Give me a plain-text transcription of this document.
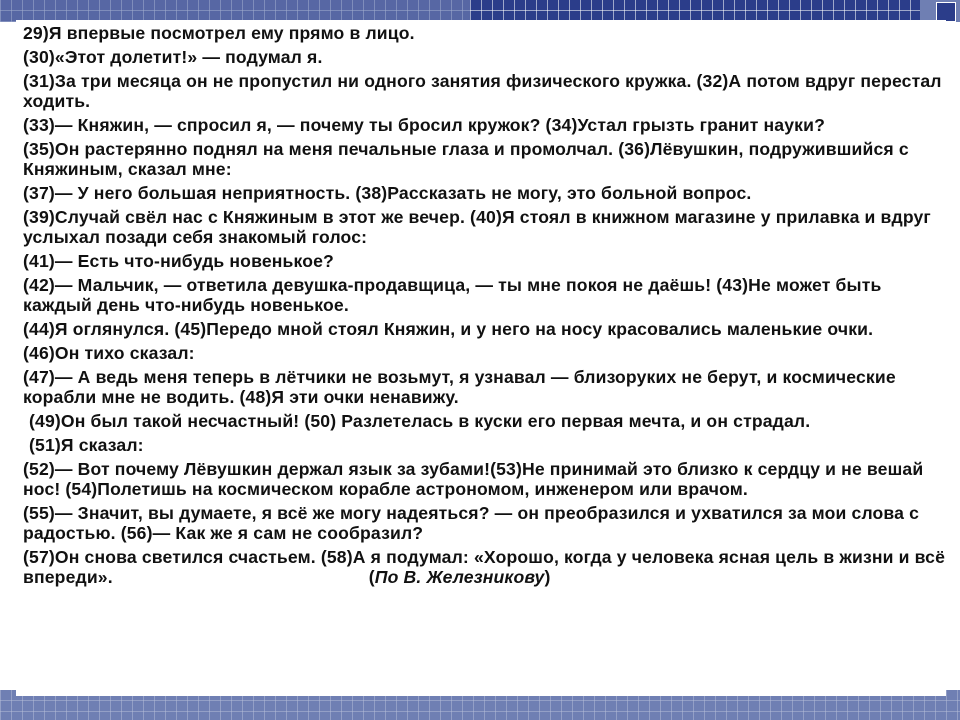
29)Я впервые посмотрел ему прямо в лицо.

(30)«Этот долетит!» — подумал я.

(31)За три месяца он не пропустил ни одного занятия физического кружка. (32)А потом вдруг перестал ходить.

(33)— Княжин, — спросил я, — почему ты бросил кружок? (34)Устал грызть гранит науки?

(35)Он растерянно поднял на меня печальные глаза и промолчал. (36)Лёвушкин, подружившийся с Княжиным, сказал мне:

(37)— У него большая неприятность. (38)Рассказать не могу, это больной вопрос.

(39)Случай свёл нас с Княжиным в этот же вечер. (40)Я стоял в книжном магазине у прилавка и вдруг услыхал позади себя знакомый голос:

(41)— Есть что-нибудь новенькое?

(42)— Мальчик, — ответила девушка-продавщица, — ты мне покоя не даёшь! (43)Не может быть каждый день что-нибудь новенькое.

(44)Я оглянулся. (45)Передо мной стоял Княжин, и у него на носу красовались маленькие очки.

(46)Он тихо сказал:

(47)— А ведь меня теперь в лётчики не возьмут, я узнавал — близоруких не берут, и космические корабли мне не водить. (48)Я эти очки ненавижу.

(49)Он был такой несчастный! (50) Разлетелась в куски его первая мечта, и он страдал.

(51)Я сказал:

(52)— Вот почему Лёвушкин держал язык за зубами!(53)Не принимай это близко к сердцу и не вешай нос! (54)Полетишь на космическом корабле астрономом, инженером или врачом.

(55)— Значит, вы думаете, я всё же могу надеяться? — он преобразился и ухватился за мои слова с радостью. (56)— Как же я сам не сообразил?

(57)Он снова светился счастьем. (58)А я подумал: «Хорошо, когда у человека ясная цель в жизни и всё впереди».	(По В. Железникову)
